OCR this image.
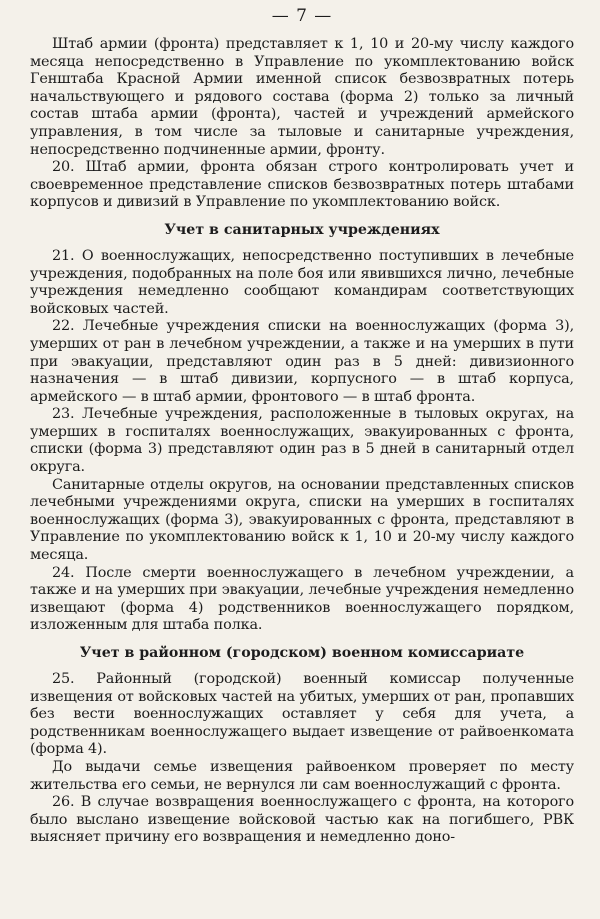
— 7 —

Штаб армии (фронта) представляет к 1, 10 и 20-му числу каждого месяца непосредственно в Управление по укомплектованию войск Генштаба Красной Армии именной список безвозвратных потерь начальствующего и рядового состава (форма 2) только за личный состав штаба армии (фронта), частей и учреждений армейского управления, в том числе за тыловые и санитарные учреждения, непосредственно подчиненные армии, фронту.

20. Штаб армии, фронта обязан строго контролировать учет и своевременное представление списков безвозвратных потерь штабами корпусов и дивизий в Управление по укомплектованию войск.

Учет в санитарных учреждениях

21. О военнослужащих, непосредственно поступивших в лечебные учреждения, подобранных на поле боя или явившихся лично, лечебные учреждения немедленно сообщают командирам соответствующих войсковых частей.

22. Лечебные учреждения списки на военнослужащих (форма 3), умерших от ран в лечебном учреждении, а также и на умерших в пути при эвакуации, представляют один раз в 5 дней: дивизионного назначения — в штаб дивизии, корпусного — в штаб корпуса, армейского — в штаб армии, фронтового — в штаб фронта.

23. Лечебные учреждения, расположенные в тыловых округах, на умерших в госпиталях военнослужащих, эвакуированных с фронта, списки (форма 3) представляют один раз в 5 дней в санитарный отдел округа.

Санитарные отделы округов, на основании представленных списков лечебными учреждениями округа, списки на умерших в госпиталях военнослужащих (форма 3), эвакуированных с фронта, представляют в Управление по укомплектованию войск к 1, 10 и 20-му числу каждого месяца.

24. После смерти военнослужащего в лечебном учреждении, а также и на умерших при эвакуации, лечебные учреждения немедленно извещают (форма 4) родственников военнослужащего порядком, изложенным для штаба полка.

Учет в районном (городском) военном комиссариате

25. Районный (городской) военный комиссар полученные извещения от войсковых частей на убитых, умерших от ран, пропавших без вести военнослужащих оставляет у себя для учета, а родственникам военнослужащего выдает извещение от райвоенкомата (форма 4).

До выдачи семье извещения райвоенком проверяет по месту жительства его семьи, не вернулся ли сам военнослужащий с фронта.

26. В случае возвращения военнослужащего с фронта, на которого было выслано извещение войсковой частью как на погибшего, РВК выясняет причину его возвращения и немедленно доно-
